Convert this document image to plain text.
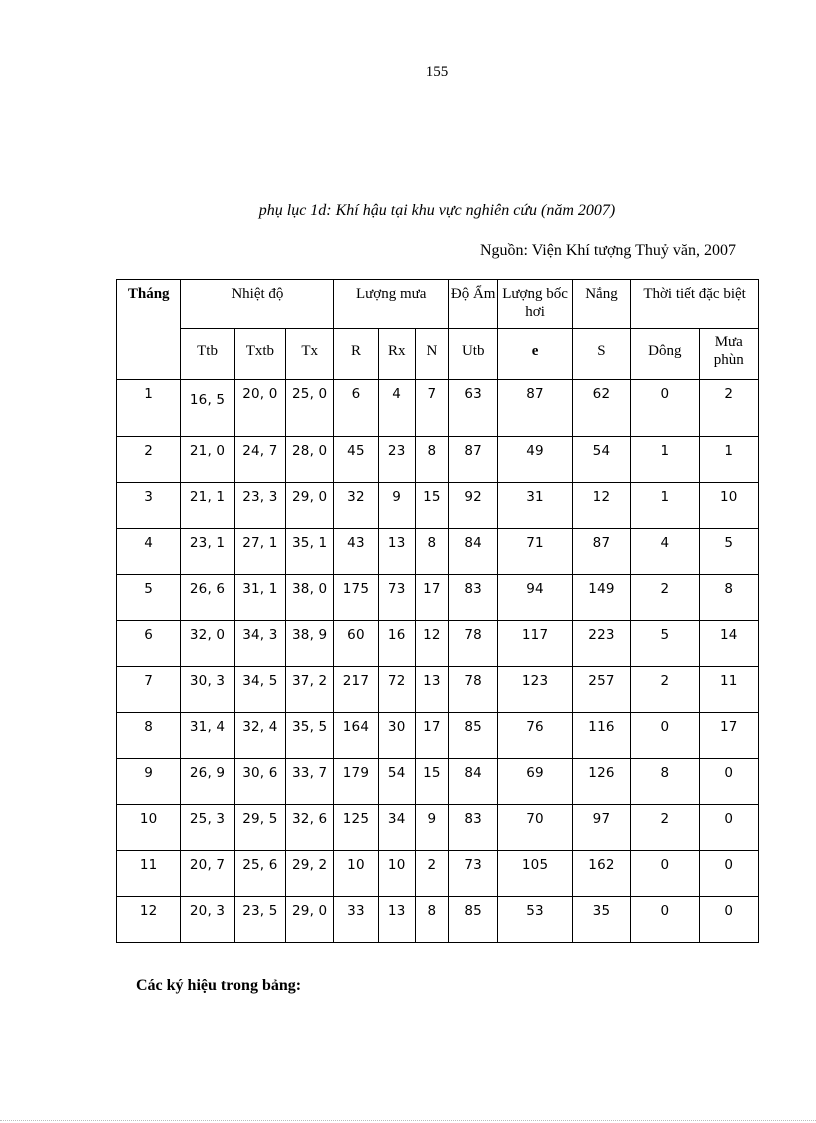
155
phụ lục 1d: Khí hậu tại khu vực nghiên cứu (năm 2007)
Nguồn: Viện Khí tượng Thuỷ văn, 2007
Tháng	Nhiệt độ			Lượng mưa			Độ Ẩm	Lượng bốc hơi	Nắng	Thời tiết đặc biệt	
	Ttb	Txtb	Tx	R	Rx	N	Utb	e	S	Dông	Mưa phùn
1	16, 5	20, 0	25, 0	6	4	7	63	87	62	0	2
2	21, 0	24, 7	28, 0	45	23	8	87	49	54	1	1
3	21, 1	23, 3	29, 0	32	9	15	92	31	12	1	10
4	23, 1	27, 1	35, 1	43	13	8	84	71	87	4	5
5	26, 6	31, 1	38, 0	175	73	17	83	94	149	2	8
6	32, 0	34, 3	38, 9	60	16	12	78	117	223	5	14
7	30, 3	34, 5	37, 2	217	72	13	78	123	257	2	11
8	31, 4	32, 4	35, 5	164	30	17	85	76	116	0	17
9	26, 9	30, 6	33, 7	179	54	15	84	69	126	8	0
10	25, 3	29, 5	32, 6	125	34	9	83	70	97	2	0
11	20, 7	25, 6	29, 2	10	10	2	73	105	162	0	0
12	20, 3	23, 5	29, 0	33	13	8	85	53	35	0	0
Các ký hiệu trong bảng:
